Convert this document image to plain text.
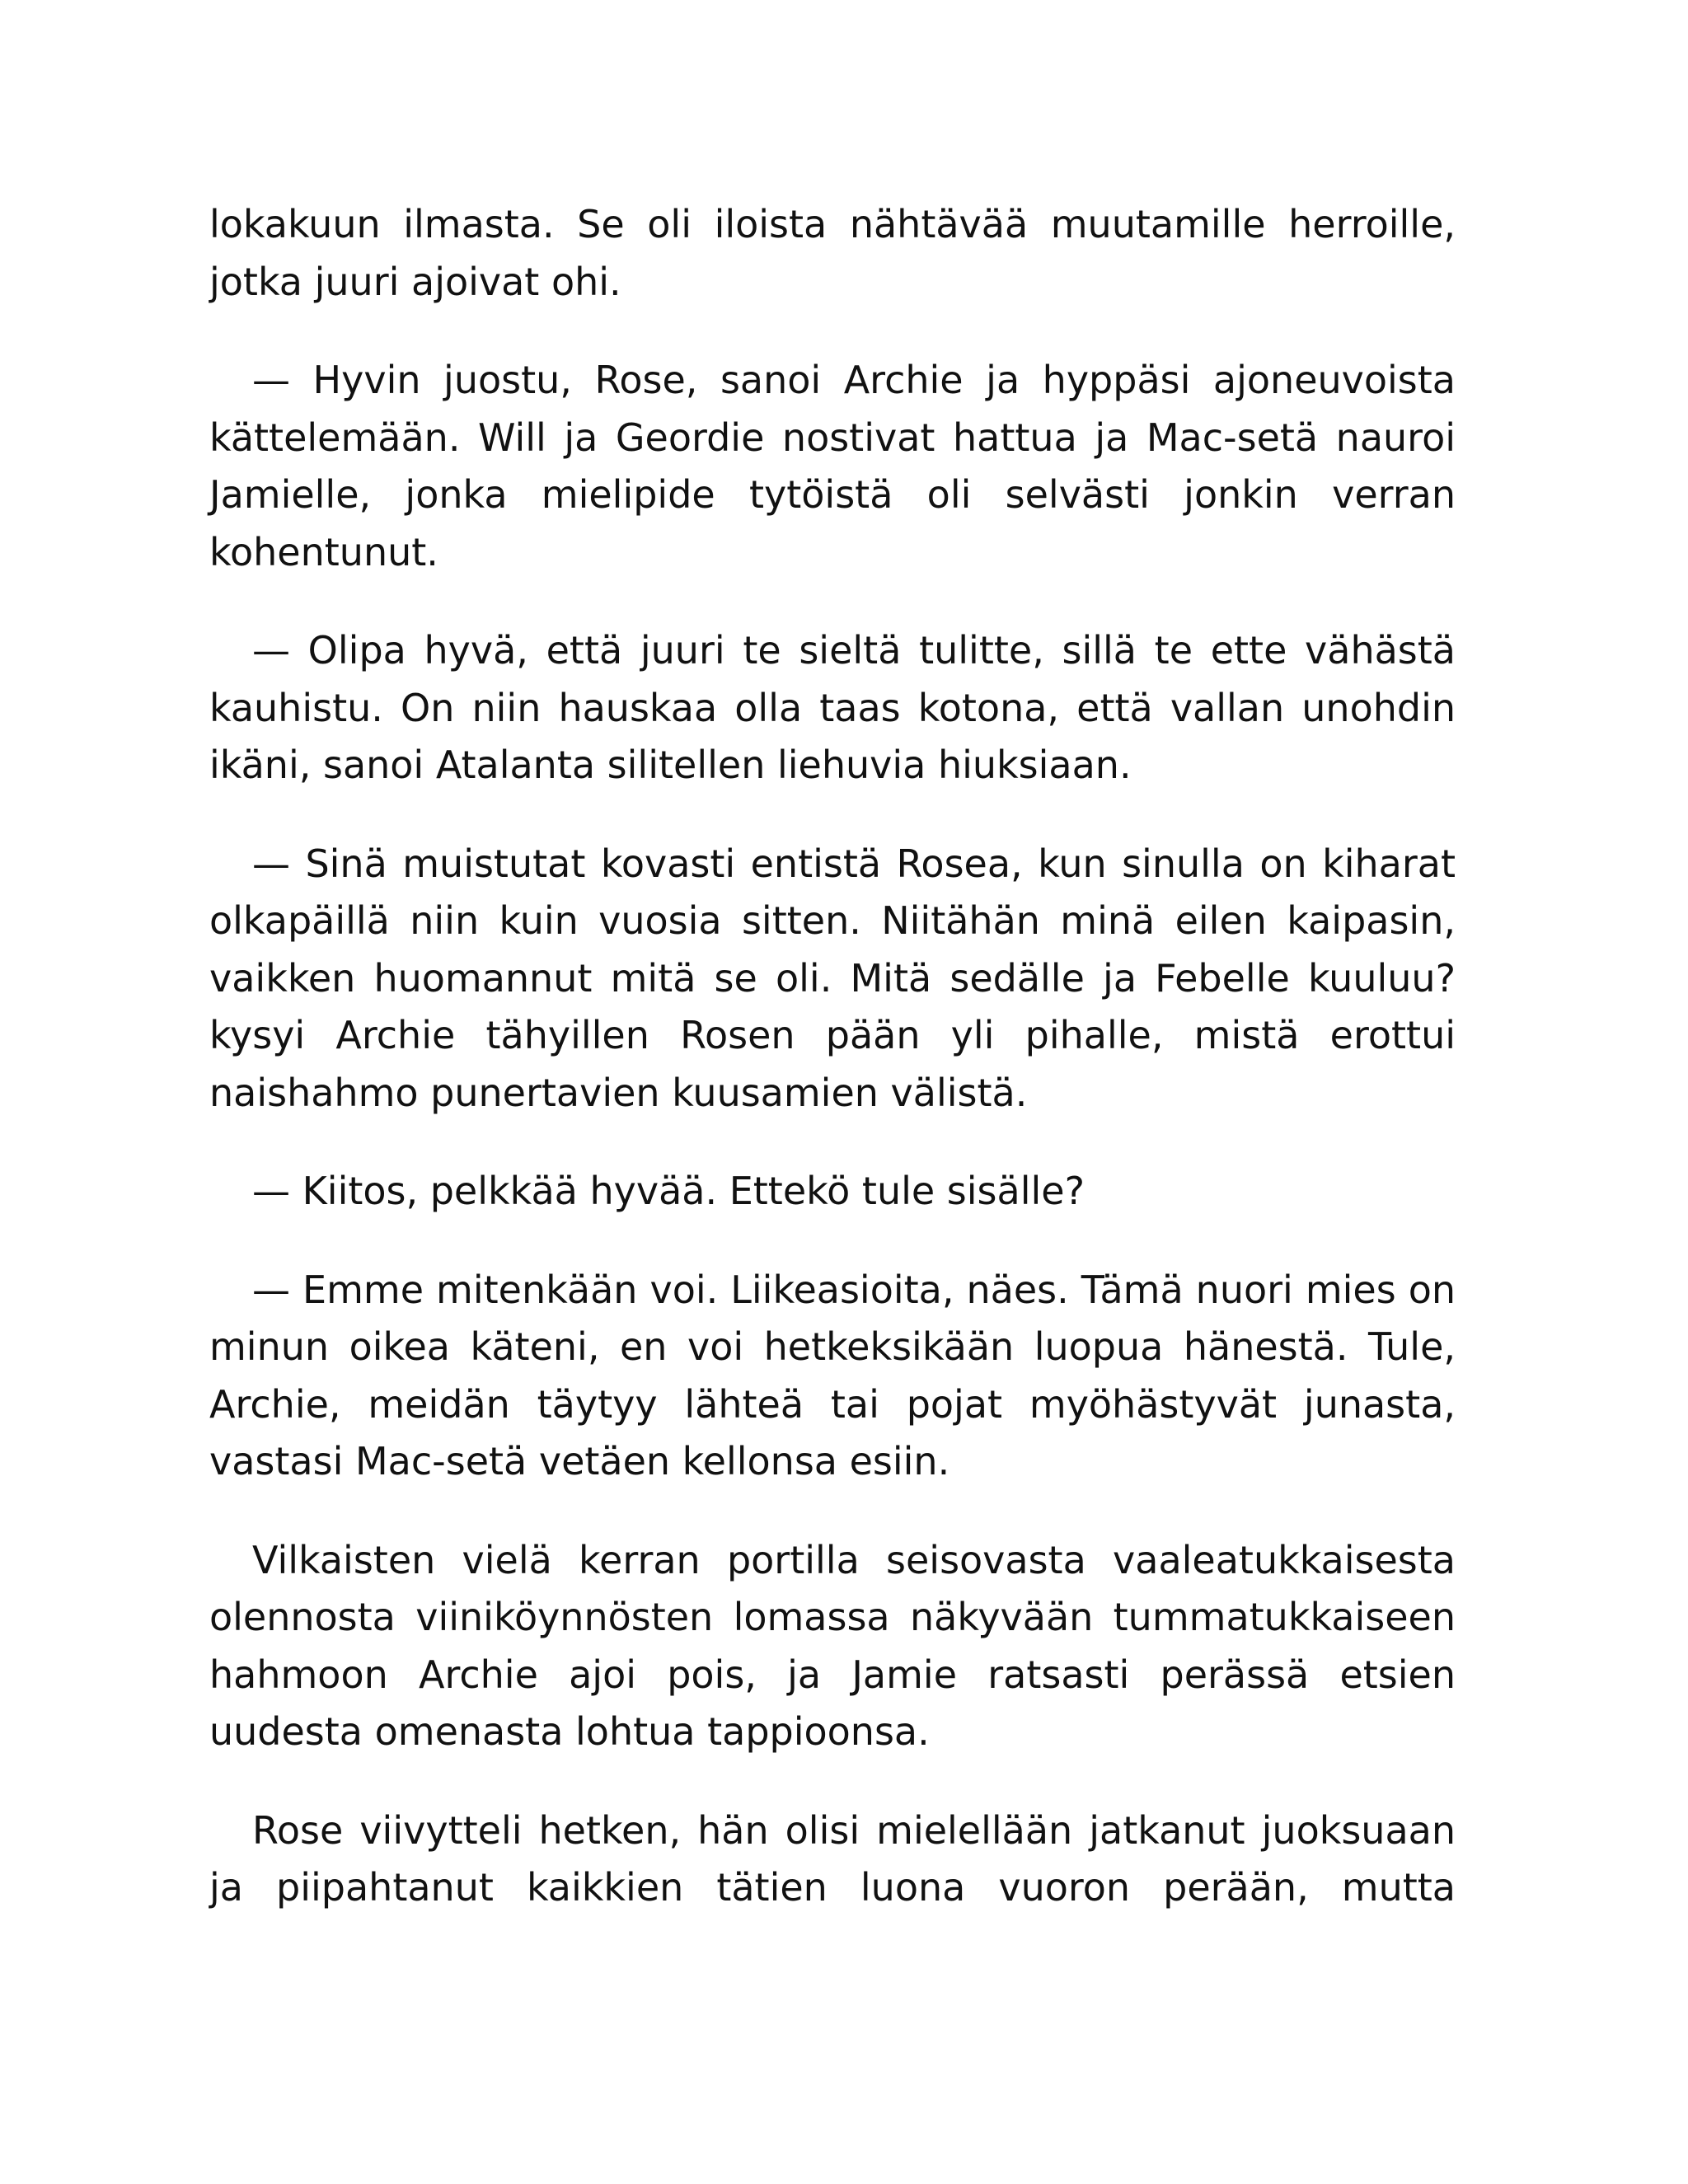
lokakuun ilmasta. Se oli iloista nähtävää muutamille herroille, jotka juuri ajoivat ohi.

— Hyvin juostu, Rose, sanoi Archie ja hyppäsi ajoneuvoista kättelemään. Will ja Geordie nostivat hattua ja Mac-setä nauroi Jamielle, jonka mielipide tytöistä oli selvästi jonkin verran kohentunut.

— Olipa hyvä, että juuri te sieltä tulitte, sillä te ette vähästä kauhistu. On niin hauskaa olla taas kotona, että vallan unohdin ikäni, sanoi Atalanta silitellen liehuvia hiuksiaan.

— Sinä muistutat kovasti entistä Rosea, kun sinulla on kiharat olkapäillä niin kuin vuosia sitten. Niitähän minä eilen kaipasin, vaikken huomannut mitä se oli. Mitä sedälle ja Febelle kuuluu? kysyi Archie tähyillen Rosen pään yli pihalle, mistä erottui naishahmo punertavien kuusamien välistä.

— Kiitos, pelkkää hyvää. Ettekö tule sisälle?

— Emme mitenkään voi. Liikeasioita, näes. Tämä nuori mies on minun oikea käteni, en voi hetkeksikään luopua hänestä. Tule, Archie, meidän täytyy lähteä tai pojat myöhästyvät junasta, vastasi Mac-setä vetäen kellonsa esiin.

Vilkaisten vielä kerran portilla seisovasta vaaleatukkaisesta olennosta viiniköynnösten lomassa näkyvään tummatukkaiseen hahmoon Archie ajoi pois, ja Jamie ratsasti perässä etsien uudesta omenasta lohtua tappioonsa.

Rose viivytteli hetken, hän olisi mielellään jatkanut juoksuaan ja piipahtanut kaikkien tätien luona vuoron perään, mutta
